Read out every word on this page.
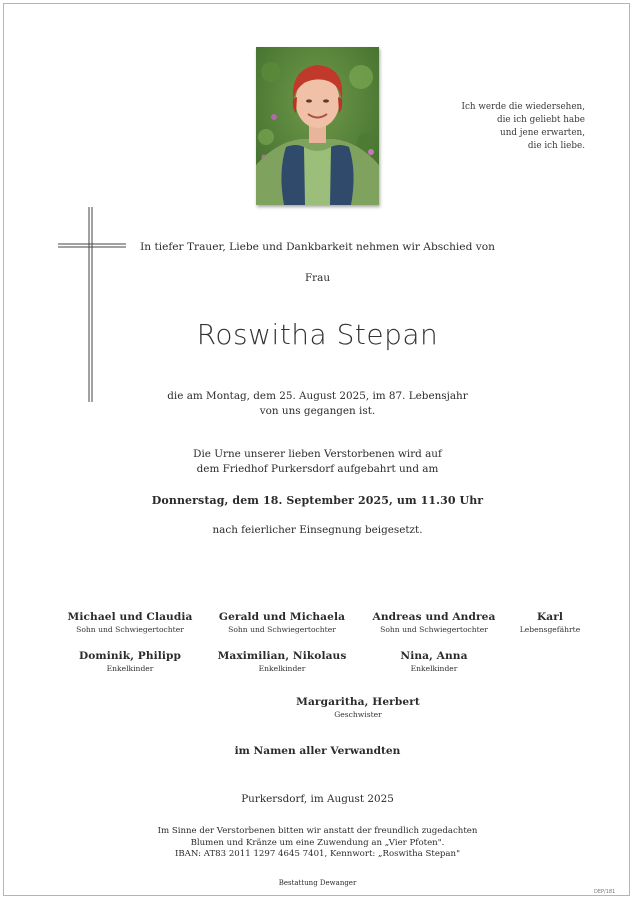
Ich werde die wiedersehen,
die ich geliebt habe
und jene erwarten,
die ich liebe.
In tiefer Trauer, Liebe und Dankbarkeit nehmen wir Abschied von
Frau
Roswitha Stepan
die am Montag, dem 25. August 2025, im 87. Lebensjahr
von uns gegangen ist.
Die Urne unserer lieben Verstorbenen wird auf
dem Friedhof Purkersdorf aufgebahrt und am
Donnerstag, dem 18. September 2025, um 11.30 Uhr
nach feierlicher Einsegnung beigesetzt.
Michael und Claudia
Sohn und Schwiegertochter
Gerald und Michaela
Sohn und Schwiegertochter
Andreas und Andrea
Sohn und Schwiegertochter
Karl
Lebensgefährte
Dominik, Philipp
Enkelkinder
Maximilian, Nikolaus
Enkelkinder
Nina, Anna
Enkelkinder
Margaritha, Herbert
Geschwister
im Namen aller Verwandten
Purkersdorf, im August 2025
Im Sinne der Verstorbenen bitten wir anstatt der freundlich zugedachten
Blumen und Kränze um eine Zuwendung an „Vier Pfoten".
IBAN: AT83 2011 1297 4645 7401, Kennwort: „Roswitha Stepan"
Bestattung Dewanger
DEP/181
